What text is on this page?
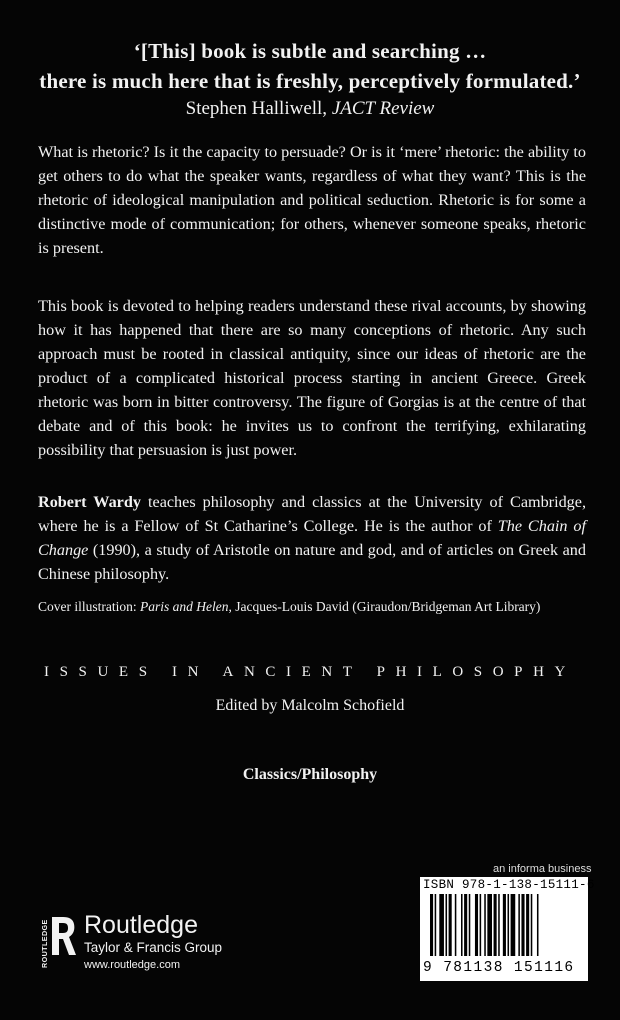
‘[This] book is subtle and searching …
there is much here that is freshly, perceptively formulated.’
Stephen Halliwell, JACT Review
What is rhetoric? Is it the capacity to persuade? Or is it ‘mere’ rhetoric: the ability to get others to do what the speaker wants, regardless of what they want? This is the rhetoric of ideological manipulation and political seduction. Rhetoric is for some a distinctive mode of communication; for others, whenever someone speaks, rhetoric is present.
This book is devoted to helping readers understand these rival accounts, by showing how it has happened that there are so many conceptions of rhetoric. Any such approach must be rooted in classical antiquity, since our ideas of rhetoric are the product of a complicated historical process starting in ancient Greece. Greek rhetoric was born in bitter controversy. The figure of Gorgias is at the centre of that debate and of this book: he invites us to confront the terrifying, exhilarating possibility that persuasion is just power.
Robert Wardy teaches philosophy and classics at the University of Cambridge, where he is a Fellow of St Catharine’s College. He is the author of The Chain of Change (1990), a study of Aristotle on nature and god, and of articles on Greek and Chinese philosophy.
Cover illustration: Paris and Helen, Jacques-Louis David (Giraudon/Bridgeman Art Library)
ISSUES IN ANCIENT PHILOSOPHY
Edited by Malcolm Schofield
Classics/Philosophy
ROUTLEDGE Routledge
Taylor & Francis Group
www.routledge.com
an informa business
ISBN 978-1-138-15111-6
9 781138 151116
